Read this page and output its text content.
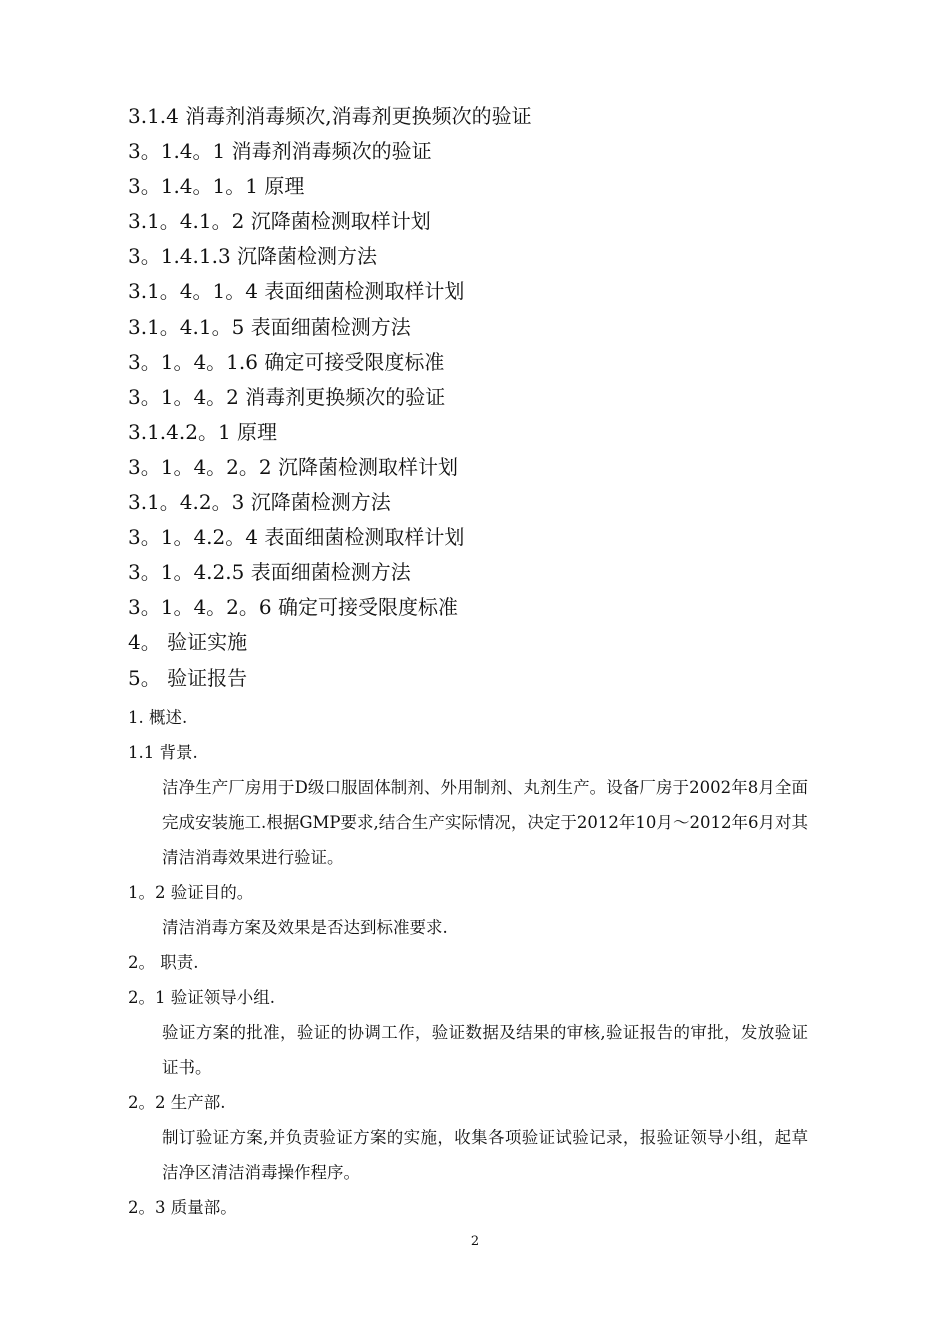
3.1.4 消毒剂消毒频次,消毒剂更换频次的验证
3。1.4。1 消毒剂消毒频次的验证
3。1.4。1。1 原理
3.1。4.1。2 沉降菌检测取样计划
3。1.4.1.3 沉降菌检测方法
3.1。4。1。4 表面细菌检测取样计划
3.1。4.1。5 表面细菌检测方法
3。1。4。1.6 确定可接受限度标准
3。1。4。2 消毒剂更换频次的验证
3.1.4.2。1 原理
3。1。4。2。2 沉降菌检测取样计划
3.1。4.2。3 沉降菌检测方法
3。1。4.2。4 表面细菌检测取样计划
3。1。4.2.5 表面细菌检测方法
3。1。4。2。6 确定可接受限度标准
4。 验证实施
5。 验证报告
1. 概述.
1.1 背景.
洁净生产厂房用于D级口服固体制剂、外用制剂、丸剂生产。设备厂房于2002年8月全面完成安装施工.根据GMP要求,结合生产实际情况，决定于2012年10月～2012年6月对其清洁消毒效果进行验证。
1。2 验证目的。
清洁消毒方案及效果是否达到标准要求.
2。 职责.
2。1 验证领导小组.
验证方案的批准，验证的协调工作，验证数据及结果的审核,验证报告的审批，发放验证证书。
2。2 生产部.
制订验证方案,并负责验证方案的实施，收集各项验证试验记录，报验证领导小组，起草洁净区清洁消毒操作程序。
2。3 质量部。
2
